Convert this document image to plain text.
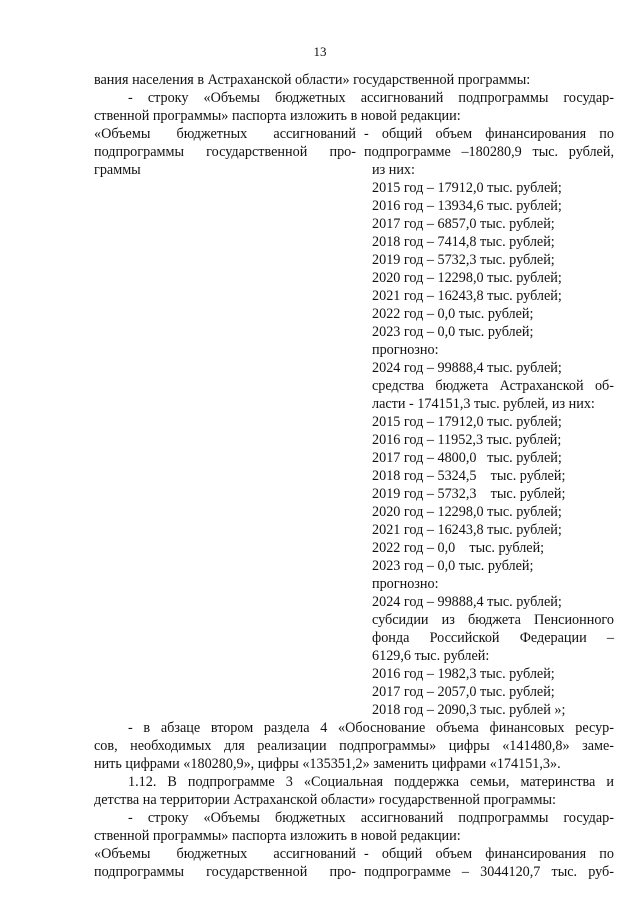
13
вания населения в Астраханской области» государственной программы:
- строку «Объемы бюджетных ассигнований подпрограммы государ-
ственной программы» паспорта изложить в новой редакции:
«Объемы бюджетных ассигнований
подпрограммы государственной про-
граммы
- общий объем финансирования по
подпрограмме –180280,9 тыс. рублей,
из них:
2015 год – 17912,0 тыс. рублей;
2016 год – 13934,6 тыс. рублей;
2017 год – 6857,0 тыс. рублей;
2018 год – 7414,8 тыс. рублей;
2019 год – 5732,3 тыс. рублей;
2020 год – 12298,0 тыс. рублей;
2021 год – 16243,8 тыс. рублей;
2022 год – 0,0 тыс. рублей;
2023 год – 0,0 тыс. рублей;
прогнозно:
2024 год – 99888,4 тыс. рублей;
средства бюджета Астраханской об-
ласти - 174151,3 тыс. рублей, из них:
2015 год – 17912,0 тыс. рублей;
2016 год – 11952,3 тыс. рублей;
2017 год – 4800,0   тыс. рублей;
2018 год – 5324,5    тыс. рублей;
2019 год – 5732,3    тыс. рублей;
2020 год – 12298,0 тыс. рублей;
2021 год – 16243,8 тыс. рублей;
2022 год – 0,0    тыс. рублей;
2023 год – 0,0 тыс. рублей;
прогнозно:
2024 год – 99888,4 тыс. рублей;
субсидии из бюджета Пенсионного
фонда Российской Федерации –
6129,6 тыс. рублей:
2016 год – 1982,3 тыс. рублей;
2017 год – 2057,0 тыс. рублей;
2018 год – 2090,3 тыс. рублей »;
- в абзаце втором раздела 4 «Обоснование объема финансовых ресур-
сов, необходимых для реализации подпрограммы» цифры «141480,8» заме-
нить цифрами «180280,9», цифры «135351,2» заменить цифрами «174151,3».
1.12. В подпрограмме 3 «Социальная поддержка семьи, материнства и
детства на территории Астраханской области» государственной программы:
- строку «Объемы бюджетных ассигнований подпрограммы государ-
ственной программы» паспорта изложить в новой редакции:
«Объемы бюджетных ассигнований
подпрограммы государственной про-
- общий объем финансирования по
подпрограмме – 3044120,7 тыс. руб-
